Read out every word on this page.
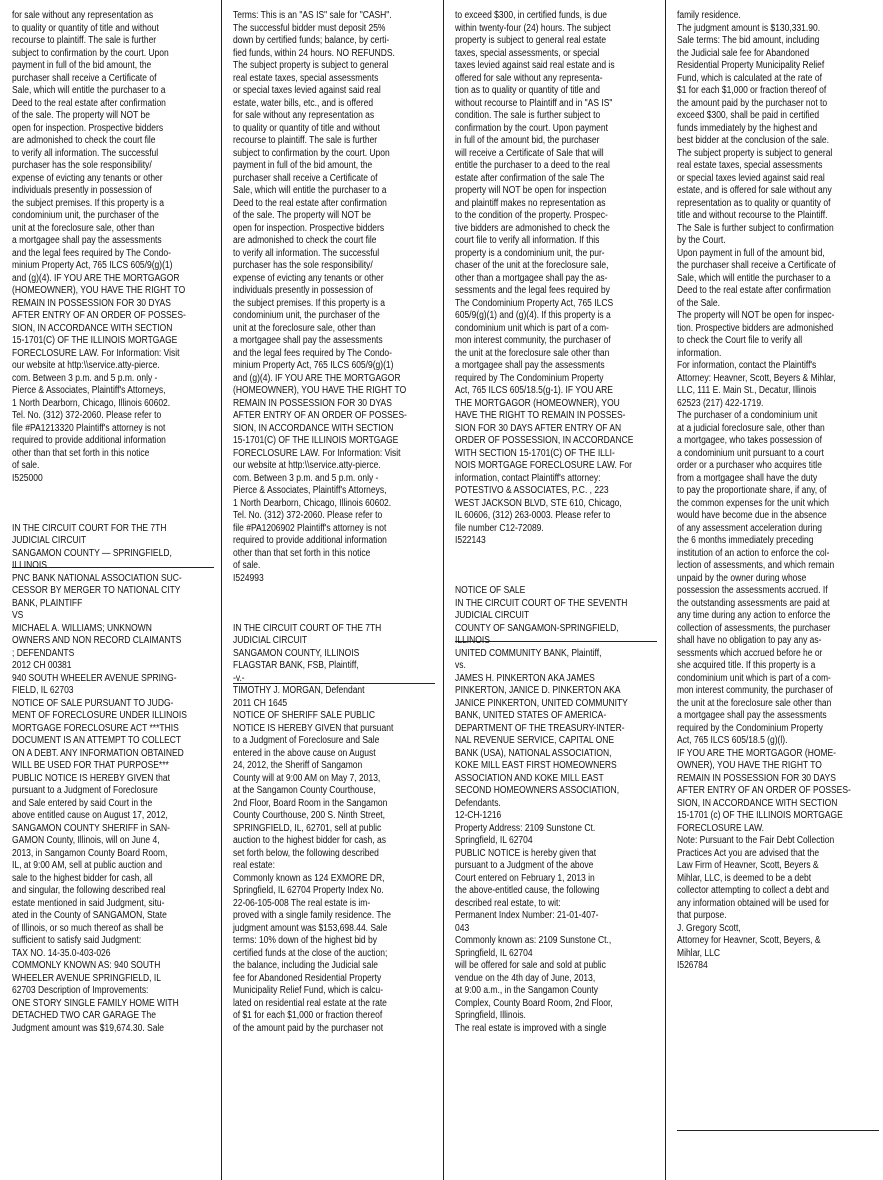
for sale without any representation as
to quality or quantity of title and without
recourse to plaintiff. The sale is further
subject to confirmation by the court. Upon
payment in full of the bid amount, the
purchaser shall receive a Certificate of
Sale, which will entitle the purchaser to a
Deed to the real estate after confirmation
of the sale. The property will NOT be
open for inspection. Prospective bidders
are admonished to check the court file
to verify all information. The successful
purchaser has the sole responsibility/
expense of evicting any tenants or other
individuals presently in possession of
the subject premises. If this property is a
condominium unit, the purchaser of the
unit at the foreclosure sale, other than
a mortgagee shall pay the assessments
and the legal fees required by The Condo-
minium Property Act, 765 ILCS 605/9(g)(1)
and (g)(4). IF YOU ARE THE MORTGAGOR
(HOMEOWNER), YOU HAVE THE RIGHT TO
REMAIN IN POSSESSION FOR 30 DYAS
AFTER ENTRY OF AN ORDER OF POSSES-
SION, IN ACCORDANCE WITH SECTION
15-1701(C) OF THE ILLINOIS MORTGAGE
FORECLOSURE LAW. For Information: Visit
our website at http:\\service.atty-pierce.
com. Between 3 p.m. and 5 p.m. only -
Pierce & Associates, Plaintiff's Attorneys,
1 North Dearborn, Chicago, Illinois 60602.
Tel. No. (312) 372-2060. Please refer to
file #PA1213320 Plaintiff's attorney is not
required to provide additional information
other than that set forth in this notice
of sale.
I525000

IN THE CIRCUIT COURT FOR THE 7TH
JUDICIAL CIRCUIT
SANGAMON COUNTY — SPRINGFIELD,
ILLINOIS
PNC BANK NATIONAL ASSOCIATION SUC-
CESSOR BY MERGER TO NATIONAL CITY
BANK, PLAINTIFF
VS
MICHAEL A. WILLIAMS; UNKNOWN
OWNERS AND NON RECORD CLAIMANTS
; DEFENDANTS
2012 CH 00381
940 SOUTH WHEELER AVENUE SPRING-
FIELD, IL 62703
NOTICE OF SALE PURSUANT TO JUDG-
MENT OF FORECLOSURE UNDER ILLINOIS
MORTGAGE FORECLOSURE ACT ***THIS
DOCUMENT IS AN ATTEMPT TO COLLECT
ON A DEBT. ANY INFORMATION OBTAINED
WILL BE USED FOR THAT PURPOSE***
PUBLIC NOTICE IS HEREBY GIVEN that
pursuant to a Judgment of Foreclosure
and Sale entered by said Court in the
above entitled cause on August 17, 2012,
SANGAMON COUNTY SHERIFF in SAN-
GAMON County, Illinois, will on June 4,
2013, in Sangamon County Board Room,
IL, at 9:00 AM, sell at public auction and
sale to the highest bidder for cash, all
and singular, the following described real
estate mentioned in said Judgment, situ-
ated in the County of SANGAMON, State
of Illinois, or so much thereof as shall be
sufficient to satisfy said Judgment:
TAX NO. 14-35.0-403-026
COMMONLY KNOWN AS: 940 SOUTH
WHEELER AVENUE SPRINGFIELD, IL
62703 Description of Improvements:
ONE STORY SINGLE FAMILY HOME WITH
DETACHED TWO CAR GARAGE The
Judgment amount was $19,674.30. Sale
Terms: This is an "AS IS" sale for "CASH".
The successful bidder must deposit 25%
down by certified funds; balance, by certi-
fied funds, within 24 hours. NO REFUNDS.
The subject property is subject to general
real estate taxes, special assessments
or special taxes levied against said real
estate, water bills, etc., and is offered
for sale without any representation as
to quality or quantity of title and without
recourse to plaintiff. The sale is further
subject to confirmation by the court. Upon
payment in full of the bid amount, the
purchaser shall receive a Certificate of
Sale, which will entitle the purchaser to a
Deed to the real estate after confirmation
of the sale. The property will NOT be
open for inspection. Prospective bidders
are admonished to check the court file
to verify all information. The successful
purchaser has the sole responsibility/
expense of evicting any tenants or other
individuals presently in possession of
the subject premises. If this property is a
condominium unit, the purchaser of the
unit at the foreclosure sale, other than
a mortgagee shall pay the assessments
and the legal fees required by The Condo-
minium Property Act, 765 ILCS 605/9(g)(1)
and (g)(4). IF YOU ARE THE MORTGAGOR
(HOMEOWNER), YOU HAVE THE RIGHT TO
REMAIN IN POSSESSION FOR 30 DYAS
AFTER ENTRY OF AN ORDER OF POSSES-
SION, IN ACCORDANCE WITH SECTION
15-1701(C) OF THE ILLINOIS MORTGAGE
FORECLOSURE LAW. For Information: Visit
our website at http:\\service.atty-pierce.
com. Between 3 p.m. and 5 p.m. only -
Pierce & Associates, Plaintiff's Attorneys,
1 North Dearborn, Chicago, Illinois 60602.
Tel. No. (312) 372-2060. Please refer to
file #PA1206902 Plaintiff's attorney is not
required to provide additional information
other than that set forth in this notice
of sale.
I524993

IN THE CIRCUIT COURT OF THE 7TH
JUDICIAL CIRCUIT
SANGAMON COUNTY, ILLINOIS
FLAGSTAR BANK, FSB, Plaintiff,
-v.-
TIMOTHY J. MORGAN, Defendant
2011 CH 1645
NOTICE OF SHERIFF SALE PUBLIC
NOTICE IS HEREBY GIVEN that pursuant
to a Judgment of Foreclosure and Sale
entered in the above cause on August
24, 2012, the Sheriff of Sangamon
County will at 9:00 AM on May 7, 2013,
at the Sangamon County Courthouse,
2nd Floor, Board Room in the Sangamon
County Courthouse, 200 S. Ninth Street,
SPRINGFIELD, IL, 62701, sell at public
auction to the highest bidder for cash, as
set forth below, the following described
real estate:
Commonly known as 124 EXMORE DR,
Springfield, IL 62704 Property Index No.
22-06-105-008 The real estate is im-
proved with a single family residence. The
judgment amount was $153,698.44. Sale
terms: 10% down of the highest bid by
certified funds at the close of the auction;
the balance, including the Judicial sale
fee for Abandoned Residential Property
Municipality Relief Fund, which is calcu-
lated on residential real estate at the rate
of $1 for each $1,000 or fraction thereof
of the amount paid by the purchaser not
to exceed $300, in certified funds, is due
within twenty-four (24) hours. The subject
property is subject to general real estate
taxes, special assessments, or special
taxes levied against said real estate and is
offered for sale without any representa-
tion as to quality or quantity of title and
without recourse to Plaintiff and in "AS IS"
condition. The sale is further subject to
confirmation by the court. Upon payment
in full of the amount bid, the purchaser
will receive a Certificate of Sale that will
entitle the purchaser to a deed to the real
estate after confirmation of the sale The
property will NOT be open for inspection
and plaintiff makes no representation as
to the condition of the property. Prospec-
tive bidders are admonished to check the
court file to verify all information. If this
property is a condominium unit, the pur-
chaser of the unit at the foreclosure sale,
other than a mortgagee shall pay the as-
sessments and the legal fees required by
The Condominium Property Act, 765 ILCS
605/9(g)(1) and (g)(4). If this property is a
condominium unit which is part of a com-
mon interest community, the purchaser of
the unit at the foreclosure sale other than
a mortgagee shall pay the assessments
required by The Condominium Property
Act, 765 ILCS 605/18.5(g-1). IF YOU ARE
THE MORTGAGOR (HOMEOWNER), YOU
HAVE THE RIGHT TO REMAIN IN POSSES-
SION FOR 30 DAYS AFTER ENTRY OF AN
ORDER OF POSSESSION, IN ACCORDANCE
WITH SECTION 15-1701(C) OF THE ILLI-
NOIS MORTGAGE FORECLOSURE LAW. For
information, contact Plaintiff's attorney:
POTESTIVO & ASSOCIATES, P.C. , 223
WEST JACKSON BLVD, STE 610, Chicago,
IL 60606, (312) 263-0003. Please refer to
file number C12-72089.
I522143

NOTICE OF SALE
IN THE CIRCUIT COURT OF THE SEVENTH
JUDICIAL CIRCUIT
COUNTY OF SANGAMON-SPRINGFIELD,
ILLINOIS
UNITED COMMUNITY BANK, Plaintiff,
vs.
JAMES H. PINKERTON AKA JAMES
PINKERTON, JANICE D. PINKERTON AKA
JANICE PINKERTON, UNITED COMMUNITY
BANK, UNITED STATES OF AMERICA-
DEPARTMENT OF THE TREASURY-INTER-
NAL REVENUE SERVICE, CAPITAL ONE
BANK (USA), NATIONAL ASSOCIATION,
KOKE MILL EAST FIRST HOMEOWNERS
ASSOCIATION AND KOKE MILL EAST
SECOND HOMEOWNERS ASSOCIATION,
Defendants.
12-CH-1216
Property Address: 2109 Sunstone Ct.
Springfield, IL 62704
PUBLIC NOTICE is hereby given that
pursuant to a Judgment of the above
Court entered on February 1, 2013 in
the above-entitled cause, the following
described real estate, to wit:
Permanent Index Number: 21-01-407-
043
Commonly known as: 2109 Sunstone Ct.,
Springfield, IL 62704
will be offered for sale and sold at public
vendue on the 4th day of June, 2013,
at 9:00 a.m., in the Sangamon County
Complex, County Board Room, 2nd Floor,
Springfield, Illinois.
The real estate is improved with a single
family residence.
The judgment amount is $130,331.90.
Sale terms: The bid amount, including
the Judicial sale fee for Abandoned
Residential Property Municipality Relief
Fund, which is calculated at the rate of
$1 for each $1,000 or fraction thereof of
the amount paid by the purchaser not to
exceed $300, shall be paid in certified
funds immediately by the highest and
best bidder at the conclusion of the sale.
The subject property is subject to general
real estate taxes, special assessments
or special taxes levied against said real
estate, and is offered for sale without any
representation as to quality or quantity of
title and without recourse to the Plaintiff.
The Sale is further subject to confirmation
by the Court.
Upon payment in full of the amount bid,
the purchaser shall receive a Certificate of
Sale, which will entitle the purchaser to a
Deed to the real estate after confirmation
of the Sale.
The property will NOT be open for inspec-
tion. Prospective bidders are admonished
to check the Court file to verify all
information.
For information, contact the Plaintiff's
Attorney: Heavner, Scott, Beyers & Mihlar,
LLC, 111 E. Main St., Decatur, Illinois
62523 (217) 422-1719.
The purchaser of a condominium unit
at a judicial foreclosure sale, other than
a mortgagee, who takes possession of
a condominium unit pursuant to a court
order or a purchaser who acquires title
from a mortgagee shall have the duty
to pay the proportionate share, if any, of
the common expenses for the unit which
would have become due in the absence
of any assessment acceleration during
the 6 months immediately preceding
institution of an action to enforce the col-
lection of assessments, and which remain
unpaid by the owner during whose
possession the assessments accrued. If
the outstanding assessments are paid at
any time during any action to enforce the
collection of assessments, the purchaser
shall have no obligation to pay any as-
sessments which accrued before he or
she acquired title. If this property is a
condominium unit which is part of a com-
mon interest community, the purchaser of
the unit at the foreclosure sale other than
a mortgagee shall pay the assessments
required by the Condominium Property
Act, 765 ILCS 605/18.5 (g)(l).
IF YOU ARE THE MORTGAGOR (HOME-
OWNER), YOU HAVE THE RIGHT TO
REMAIN IN POSSESSION FOR 30 DAYS
AFTER ENTRY OF AN ORDER OF POSSES-
SION, IN ACCORDANCE WITH SECTION
15-1701 (c) OF THE ILLINOIS MORTGAGE
FORECLOSURE LAW.
Note: Pursuant to the Fair Debt Collection
Practices Act you are advised that the
Law Firm of Heavner, Scott, Beyers &
Mihlar, LLC, is deemed to be a debt
collector attempting to collect a debt and
any information obtained will be used for
that purpose.
J. Gregory Scott,
Attorney for Heavner, Scott, Beyers, &
Mihlar, LLC
I526784
